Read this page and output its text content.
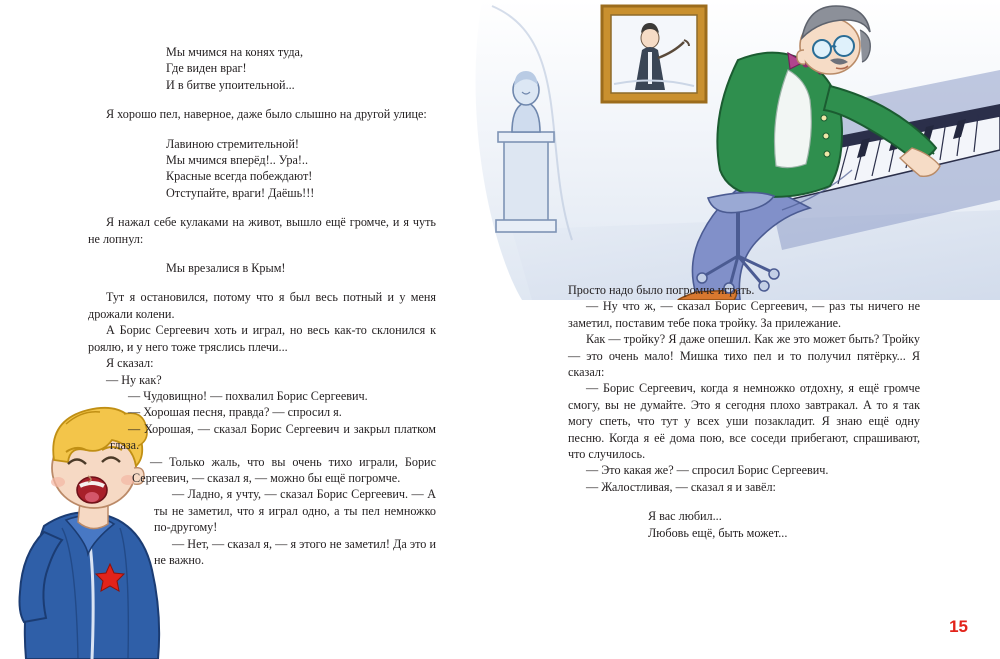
Мы мчимся на конях туда,

Где виден враг!

И в битве упоительной...

Я хорошо пел, наверное, даже было слышно на другой улице:

Лавиною стремительной!

Мы мчимся вперёд!.. Ура!..

Красные всегда побеждают!

Отступайте, враги! Даёшь!!!

Я нажал себе кулаками на живот, вышло ещё громче, и я чуть не лопнул:

Мы врезалися в Крым!

Тут я остановился, потому что я был весь потный и у меня дрожали колени.

А Борис Сергеевич хоть и играл, но весь как-то склонился к роялю, и у него тоже тряслись плечи...

Я сказал:

— Ну как?

— Чудовищно! — похвалил Борис Сергеевич.

— Хорошая песня, правда? — спросил я.

— Хорошая, — сказал Борис Сергеевич и закрыл платком глаза.

— Только жаль, что вы очень тихо играли, Борис Сергеевич, — сказал я, — можно бы ещё погромче.

— Ладно, я учту, — сказал Борис Сергеевич. — А ты не заметил, что я играл одно, а ты пел немножко по-другому!

— Нет, — сказал я, — я этого не заметил! Да это и не важно.

Просто надо было погромче играть.

— Ну что ж, — сказал Борис Сергеевич, — раз ты ничего не заметил, поставим тебе пока тройку. За прилежание.

Как — тройку? Я даже опешил. Как же это может быть? Тройку — это очень мало! Мишка тихо пел и то получил пятёрку... Я сказал:

— Борис Сергеевич, когда я немножко отдохну, я ещё громче смогу, вы не думайте. Это я сегодня плохо завтракал. А то я так могу спеть, что тут у всех уши позакладит. Я знаю ещё одну песню. Когда я её дома пою, все соседи прибегают, спрашивают, что случилось.

— Это какая же? — спросил Борис Сергеевич.

— Жалостливая, — сказал я и завёл:

Я вас любил...

Любовь ещё, быть может...

15
